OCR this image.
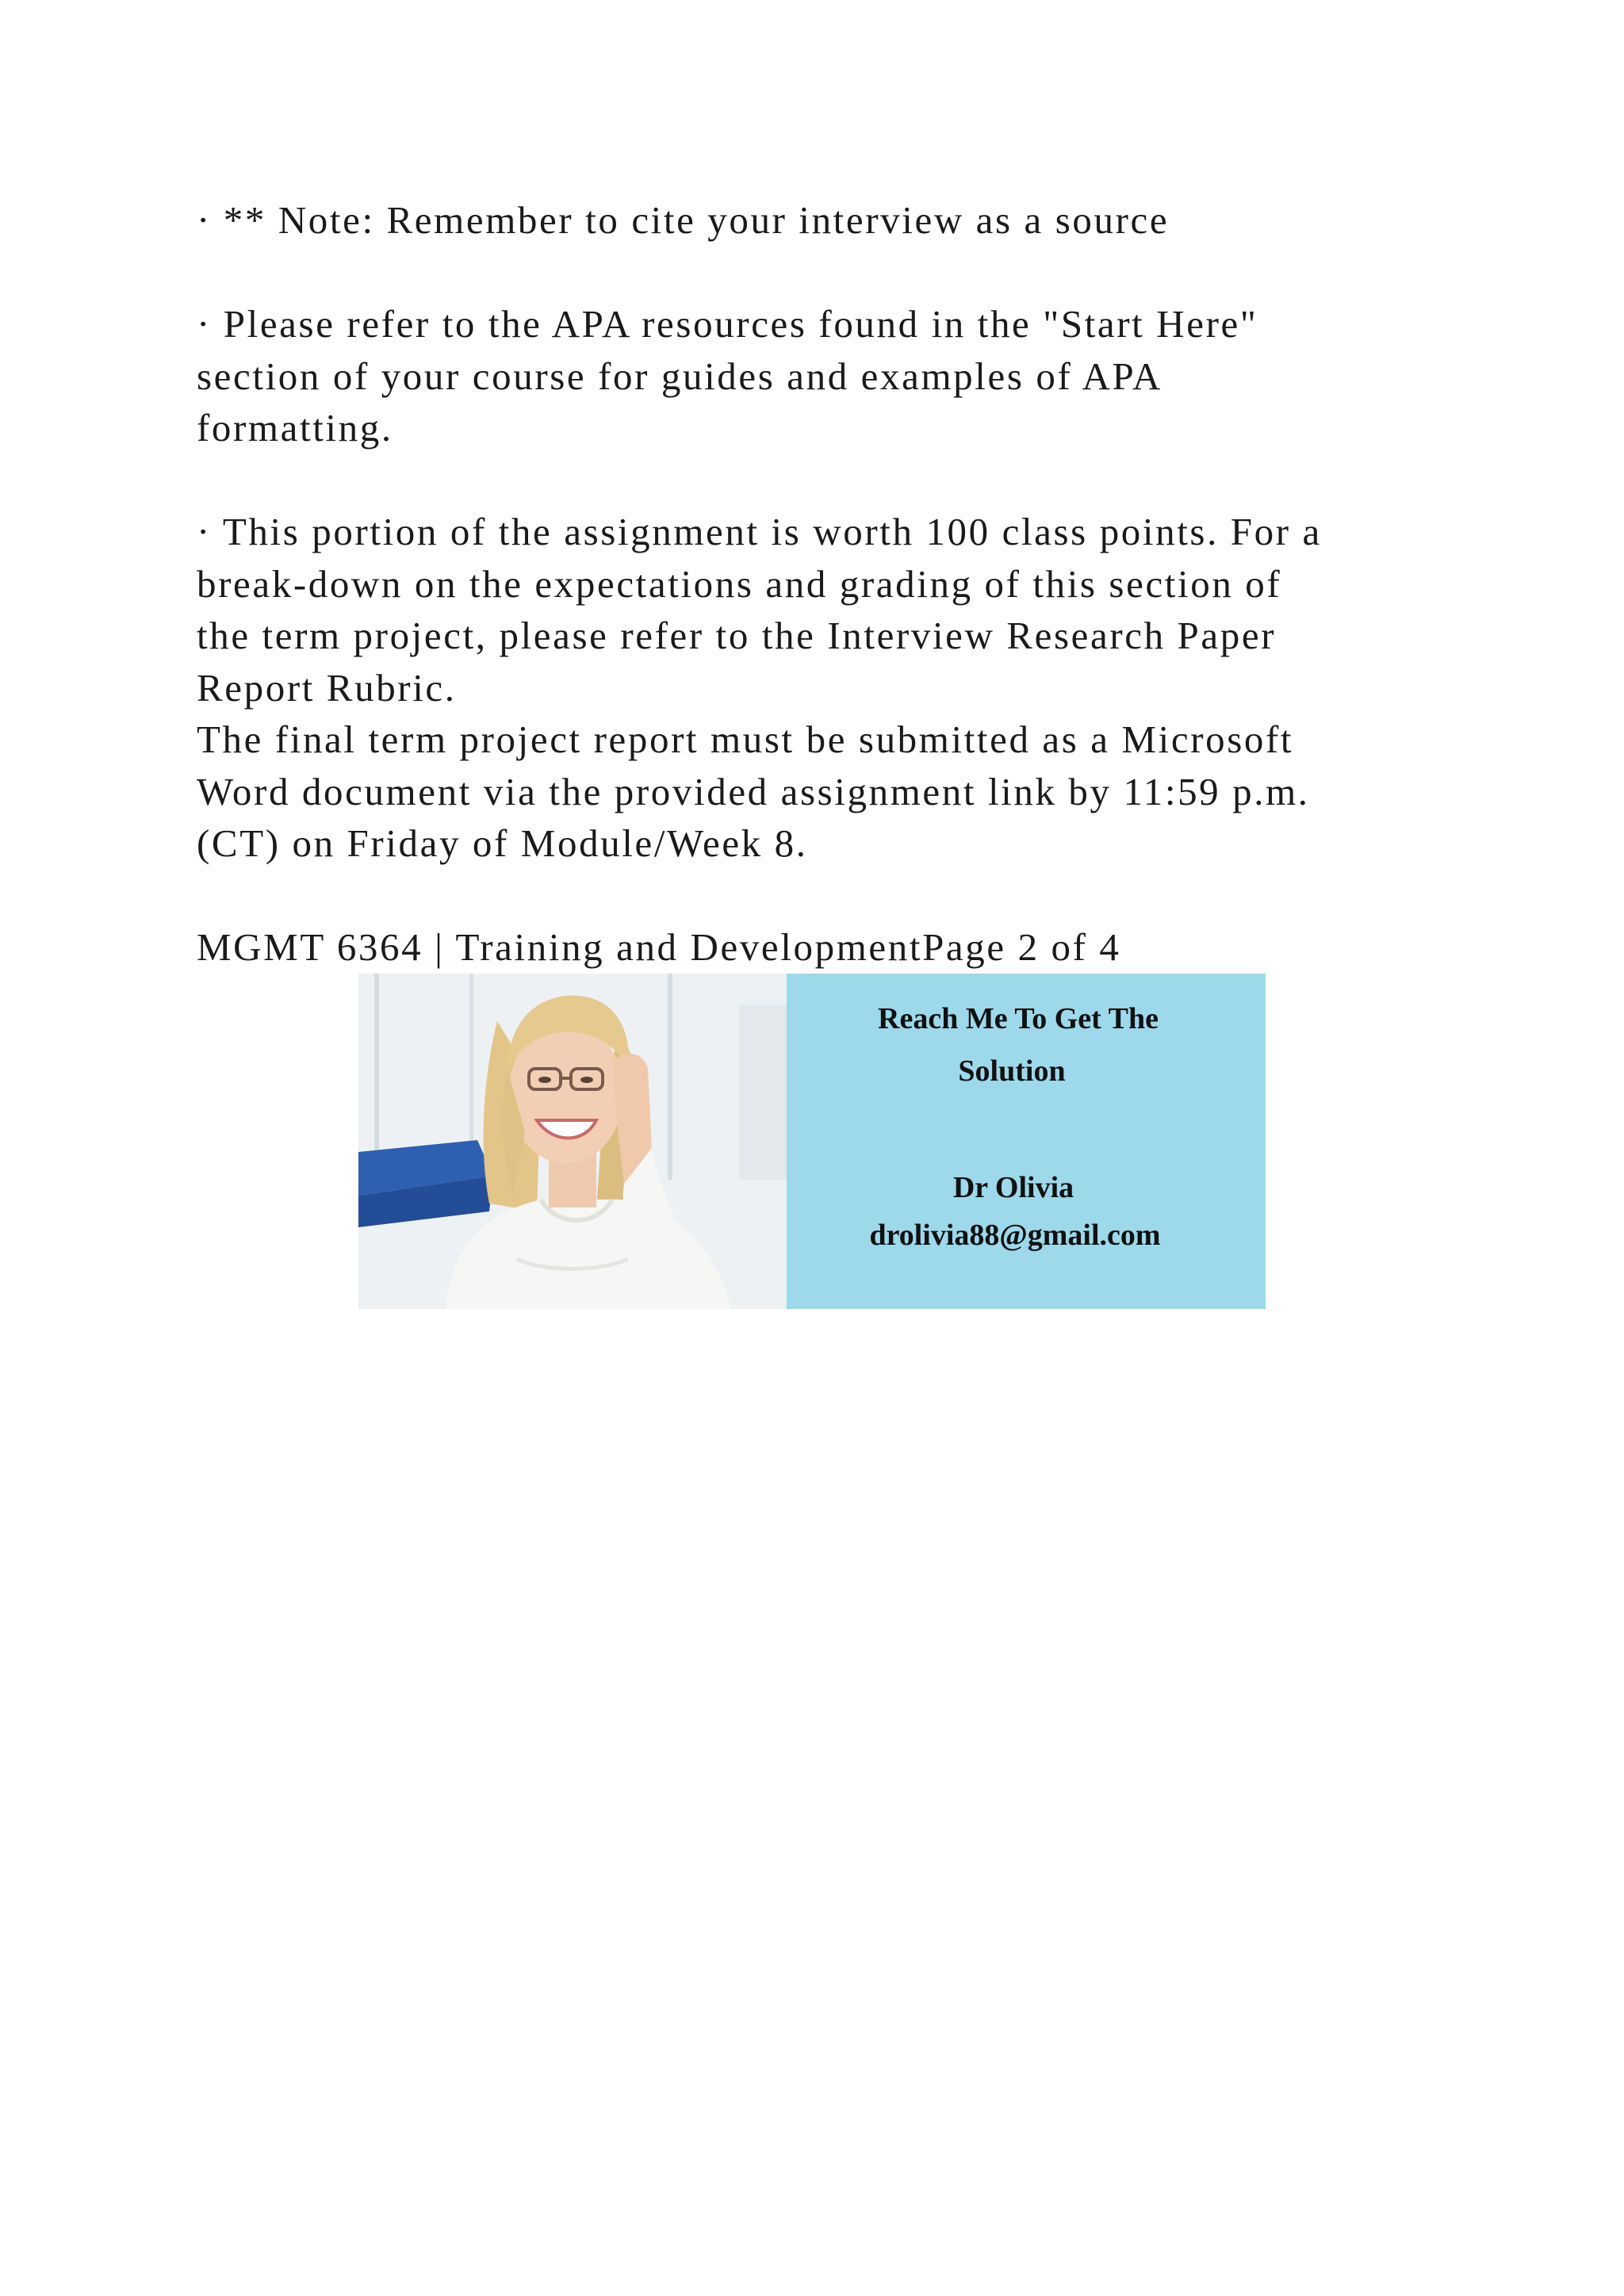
· ** Note: Remember to cite your interview as a source
· Please refer to the APA resources found in the "Start Here"
section of your course for guides and examples of APA
formatting.
· This portion of the assignment is worth 100 class points. For a
break-down on the expectations and grading of this section of
the term project, please refer to the Interview Research Paper
Report Rubric.
The final term project report must be submitted as a Microsoft
Word document via the provided assignment link by 11:59 p.m.
(CT) on Friday of Module/Week 8.
MGMT 6364 | Training and DevelopmentPage 2 of 4
Reach Me To Get The
Solution
Dr Olivia
drolivia88@gmail.com
